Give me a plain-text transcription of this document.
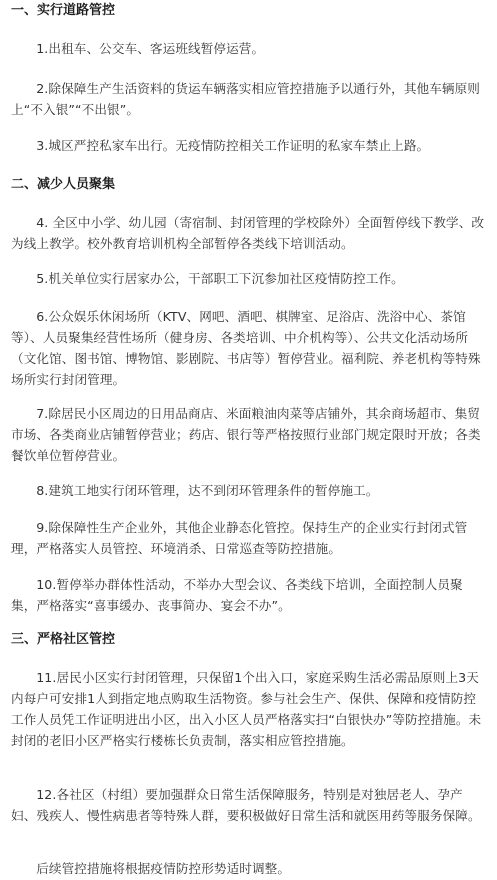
一、实行道路管控

1.出租车、公交车、客运班线暂停运营。

2.除保障生产生活资料的货运车辆落实相应管控措施予以通行外，其他车辆原则上“不入银”“不出银”。

3.城区严控私家车出行。无疫情防控相关工作证明的私家车禁止上路。

二、减少人员聚集

4. 全区中小学、幼儿园（寄宿制、封闭管理的学校除外）全面暂停线下教学、改为线上教学。校外教育培训机构全部暂停各类线下培训活动。

5.机关单位实行居家办公，干部职工下沉参加社区疫情防控工作。

6.公众娱乐休闲场所（KTV、网吧、酒吧、棋牌室、足浴店、洗浴中心、茶馆等）、人员聚集经营性场所（健身房、各类培训、中介机构等）、公共文化活动场所（文化馆、图书馆、博物馆、影剧院、书店等）暂停营业。福利院、养老机构等特殊场所实行封闭管理。

7.除居民小区周边的日用品商店、米面粮油肉菜等店铺外，其余商场超市、集贸市场、各类商业店铺暂停营业；药店、银行等严格按照行业部门规定限时开放；各类餐饮单位暂停营业。

8.建筑工地实行闭环管理，达不到闭环管理条件的暂停施工。

9.除保障性生产企业外，其他企业静态化管控。保持生产的企业实行封闭式管理，严格落实人员管控、环境消杀、日常巡查等防控措施。

10.暂停举办群体性活动，不举办大型会议、各类线下培训，全面控制人员聚集，严格落实“喜事缓办、丧事简办、宴会不办”。

三、严格社区管控

11.居民小区实行封闭管理，只保留1个出入口，家庭采购生活必需品原则上3天内每户可安排1人到指定地点购取生活物资。参与社会生产、保供、保障和疫情防控工作人员凭工作证明进出小区，出入小区人员严格落实扫“白银快办”等防控措施。未封闭的老旧小区严格实行楼栋长负责制，落实相应管控措施。

12.各社区（村组）要加强群众日常生活保障服务，特别是对独居老人、孕产妇、残疾人、慢性病患者等特殊人群，要积极做好日常生活和就医用药等服务保障。

后续管控措施将根据疫情防控形势适时调整。
